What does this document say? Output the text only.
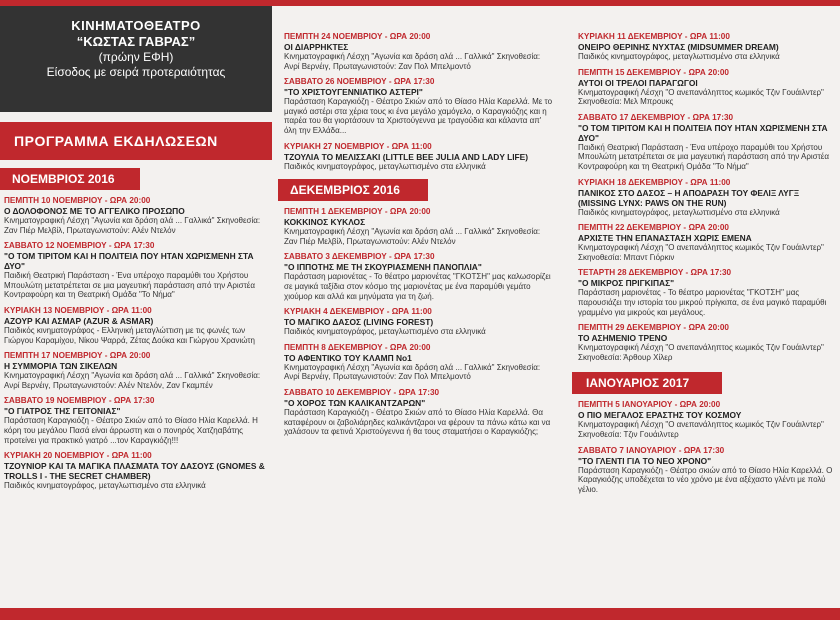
ΚΙΝΗΜΑΤΟΘΕΑΤΡΟ
“ΚΩΣΤΑΣ ΓΑΒΡΑΣ”
(πρώην ΕΦΗ)
Είσοδος με σειρά προτεραιότητας
ΠΡΟΓΡΑΜΜΑ ΕΚΔΗΛΩΣΕΩΝ
ΝΟΕΜΒΡΙΟΣ 2016
ΠΕΜΠΤΗ 10 ΝΟΕΜΒΡΙΟΥ - ΩΡΑ 20:00
Ο ΔΟΛΟΦΟΝΟΣ ΜΕ ΤΟ ΑΓΓΕΛΙΚΟ ΠΡΟΣΩΠΟ
Κινηματογραφική Λέσχη "Αγωνία και δράση αλά ... Γαλλικά" Σκηνοθεσία: Ζαν Πιέρ Μελβίλ, Πρωταγωνιστούν: Αλέν Ντελόν
ΣΑΒΒΑΤΟ 12 ΝΟΕΜΒΡΙΟΥ - ΩΡΑ 17:30
"Ο ΤΟΜ ΤΙΡΙΤΟΜ ΚΑΙ Η ΠΟΛΙΤΕΙΑ ΠΟΥ ΗΤΑΝ ΧΩΡΙΣΜΕΝΗ ΣΤΑ ΔΥΟ"
Παιδική Θεατρική Παράσταση - Ένα υπέροχο παραμύθι του Χρήστου Μπουλώτη μετατρέπεται σε μια μαγευτική παράσταση από την Αριστέα Κοντραφούρη και τη Θεατρική Ομάδα "Το Νήμα"
ΚΥΡΙΑΚΗ 13 ΝΟΕΜΒΡΙΟΥ - ΩΡΑ 11:00
ΑΖΟΥΡ ΚΑΙ ΑΣΜΑΡ (AZUR & ASMAR)
Παιδικός κινηματογράφος - Ελληνική μεταγλώττιση με τις φωνές των Γιώργου Καραμίχου, Νίκου Ψαρρά, Ζέτας Δούκα και Γιώργου Χρανιώτη
ΠΕΜΠΤΗ 17 ΝΟΕΜΒΡΙΟΥ - ΩΡΑ 20:00
Η ΣΥΜΜΟΡΙΑ ΤΩΝ ΣΙΚΕΛΩΝ
Κινηματογραφική Λέσχη "Αγωνία και δράση αλά ... Γαλλικά" Σκηνοθεσία: Ανρί Βερνέιγ, Πρωταγωνιστούν: Αλέν Ντελόν, Ζαν Γκαμπέν
ΣΑΒΒΑΤΟ 19 ΝΟΕΜΒΡΙΟΥ - ΩΡΑ 17:30
"Ο ΓΙΑΤΡΟΣ ΤΗΣ ΓΕΙΤΟΝΙΑΣ"
Παράσταση Καραγκιόζη - Θέατρο Σκιών από το Θίασο Ηλία Καρελλά. Η κόρη του μεγάλου Πασά είναι άρρωστη και ο πονηρός Χατζηαβάτης προτείνει για πρακτικό γιατρό ...τον Καραγκιόζη!!!
ΚΥΡΙΑΚΗ 20 ΝΟΕΜΒΡΙΟΥ - ΩΡΑ 11:00
ΤΖΟΥΝΙΟΡ ΚΑΙ ΤΑ ΜΑΓΙΚΑ ΠΛΑΣΜΑΤΑ ΤΟΥ ΔΑΣΟΥΣ (GNOMES & TROLLS I - THE SECRET CHAMBER)
Παιδικός κινηματογράφος, μεταγλωττισμένο στα ελληνικά
ΠΕΜΠΤΗ 24 ΝΟΕΜΒΡΙΟΥ - ΩΡΑ 20:00
ΟΙ ΔΙΑΡΡΗΚΤΕΣ
Κινηματογραφική Λέσχη "Αγωνία και δράση αλά ... Γαλλικά" Σκηνοθεσία: Ανρί Βερνέιγ, Πρωταγωνιστούν: Ζαν Πολ Μπελμοντό
ΣΑΒΒΑΤΟ 26 ΝΟΕΜΒΡΙΟΥ - ΩΡΑ 17:30
"ΤΟ ΧΡΙΣΤΟΥΓΕΝΝΙΑΤΙΚΟ ΑΣΤΕΡΙ"
Παράσταση Καραγκιόζη - Θέατρο Σκιών από το Θίασο Ηλία Καρελλά. Με το μαγικό αστέρι στα χέρια τους κι ένα μεγάλο χαμόγελο, ο Καραγκιόζης και η παρέα του θα γιορτάσουν τα Χριστούγεννα με τραγούδια και κάλαντα απ' όλη την Ελλάδα...
ΚΥΡΙΑΚΗ 27 ΝΟΕΜΒΡΙΟΥ - ΩΡΑ 11:00
ΤΖΟΥΛΙΑ ΤΟ ΜΕΛΙΣΣΑΚΙ (LITTLE BEE JULIA AND LADY LIFE)
Παιδικός κινηματογράφος, μεταγλωττισμένο στα ελληνικά
ΔΕΚΕΜΒΡΙΟΣ 2016
ΠΕΜΠΤΗ 1 ΔΕΚΕΜΒΡΙΟΥ - ΩΡΑ 20:00
ΚΟΚΚΙΝΟΣ ΚΥΚΛΟΣ
Κινηματογραφική Λέσχη "Αγωνία και δράση αλά ... Γαλλικά" Σκηνοθεσία: Ζαν Πιέρ Μελβίλ, Πρωταγωνιστούν: Αλέν Ντελόν
ΣΑΒΒΑΤΟ 3 ΔΕΚΕΜΒΡΙΟΥ - ΩΡΑ 17:30
"Ο ΙΠΠΟΤΗΣ ΜΕ ΤΗ ΣΚΟΥΡΙΑΣΜΕΝΗ ΠΑΝΟΠΛΙΑ"
Παράσταση μαριονέτας - Το θέατρο μαριονέτας "ΓΚΟΤΣΗ" μας καλωσορίζει σε μαγικά ταξίδια στον κόσμο της μαριονέτας με ένα παραμύθι γεμάτο χιούμορ και αλλά και μηνύματα για τη ζωή.
ΚΥΡΙΑΚΗ 4 ΔΕΚΕΜΒΡΙΟΥ - ΩΡΑ 11:00
ΤΟ ΜΑΓΙΚΟ ΔΑΣΟΣ (LIVING FOREST)
Παιδικός κινηματογράφος, μεταγλωττισμένο στα ελληνικά
ΠΕΜΠΤΗ 8 ΔΕΚΕΜΒΡΙΟΥ - ΩΡΑ 20:00
ΤΟ ΑΦΕΝΤΙΚΟ ΤΟΥ ΚΛΑΜΠ Νο1
Κινηματογραφική Λέσχη "Αγωνία και δράση αλά ... Γαλλικά" Σκηνοθεσία: Ανρί Βερνέιγ, Πρωταγωνιστούν: Ζαν Πολ Μπελμοντό
ΣΑΒΒΑΤΟ 10 ΔΕΚΕΜΒΡΙΟΥ - ΩΡΑ 17:30
"Ο ΧΟΡΟΣ ΤΩΝ ΚΑΛΙΚΑΝΤΖΑΡΩΝ"
Παράσταση Καραγκιόζη - Θέατρο Σκιών από το Θίασο Ηλία Καρελλά. Θα καταφέρουν οι ζαβολιάρηδες καλικάντζαροι να φέρουν τα πάνω κάτω και να χαλάσουν τα φετινά Χριστούγεννα ή θα τους σταματήσει ο Καραγκιόζης;
ΚΥΡΙΑΚΗ 11 ΔΕΚΕΜΒΡΙΟΥ - ΩΡΑ 11:00
ΟΝΕΙΡΟ ΘΕΡΙΝΗΣ ΝΥΧΤΑΣ (MIDSUMMER DREAM)
Παιδικός κινηματογράφος, μεταγλωττισμένο στα ελληνικά
ΠΕΜΠΤΗ 15 ΔΕΚΕΜΒΡΙΟΥ - ΩΡΑ 20:00
ΑΥΤΟΙ ΟΙ ΤΡΕΛΟΙ ΠΑΡΑΓΩΓΟΙ
Κινηματογραφική Λέσχη "Ο ανεπανάληπτος κωμικός Τζιν Γουάιλντερ" Σκηνοθεσία: Μελ Μπρουκς
ΣΑΒΒΑΤΟ 17 ΔΕΚΕΜΒΡΙΟΥ - ΩΡΑ 17:30
"Ο ΤΟΜ ΤΙΡΙΤΟΜ ΚΑΙ Η ΠΟΛΙΤΕΙΑ ΠΟΥ ΗΤΑΝ ΧΩΡΙΣΜΕΝΗ ΣΤΑ ΔΥΟ"
Παιδική Θεατρική Παράσταση - Ένα υπέροχο παραμύθι του Χρήστου Μπουλώτη μετατρέπεται σε μια μαγευτική παράσταση από την Αριστέα Κοντραφούρη και τη Θεατρική Ομάδα "Το Νήμα"
ΚΥΡΙΑΚΗ 18 ΔΕΚΕΜΒΡΙΟΥ - ΩΡΑ 11:00
ΠΑΝΙΚΟΣ ΣΤΟ ΔΑΣΟΣ – Η ΑΠΟΔΡΑΣΗ ΤΟΥ ΦΕΛΙΞ ΛΥΓΞ (MISSING LYNX: PAWS ON THE RUN)
Παιδικός κινηματογράφος, μεταγλωττισμένο στα ελληνικά
ΠΕΜΠΤΗ 22 ΔΕΚΕΜΒΡΙΟΥ - ΩΡΑ 20:00
ΑΡΧΙΣΤΕ ΤΗΝ ΕΠΑΝΑΣΤΑΣΗ ΧΩΡΙΣ ΕΜΕΝΑ
Κινηματογραφική Λέσχη "Ο ανεπανάληπτος κωμικός Τζιν Γουάιλντερ" Σκηνοθεσία: Μπαντ Γιόρκιν
ΤΕΤΑΡΤΗ 28 ΔΕΚΕΜΒΡΙΟΥ - ΩΡΑ 17:30
"Ο ΜΙΚΡΟΣ ΠΡΙΓΚΙΠΑΣ"
Παράσταση μαριονέτας - Το θέατρο μαριονέτας "ΓΚΟΤΣΗ" μας παρουσιάζει την ιστορία του μικρού πρίγκιπα, σε ένα μαγικό παραμύθι γραμμένο για μικρούς και μεγάλους.
ΠΕΜΠΤΗ 29 ΔΕΚΕΜΒΡΙΟΥ - ΩΡΑ 20:00
ΤΟ ΑΣΗΜΕΝΙΟ ΤΡΕΝΟ
Κινηματογραφική Λέσχη "Ο ανεπανάληπτος κωμικός Τζιν Γουάιλντερ" Σκηνοθεσία: Άρθουρ Χίλερ
ΙΑΝΟΥΑΡΙΟΣ 2017
ΠΕΜΠΤΗ 5 ΙΑΝΟΥΑΡΙΟΥ - ΩΡΑ 20:00
Ο ΠΙΟ ΜΕΓΑΛΟΣ ΕΡΑΣΤΗΣ ΤΟΥ ΚΟΣΜΟΥ
Κινηματογραφική Λέσχη "Ο ανεπανάληπτος κωμικός Τζιν Γουάιλντερ" Σκηνοθεσία: Τζιν Γουάιλντερ
ΣΑΒΒΑΤΟ 7 ΙΑΝΟΥΑΡΙΟΥ - ΩΡΑ 17:30
"ΤΟ ΓΛΕΝΤΙ ΓΙΑ ΤΟ ΝΕΟ ΧΡΟΝΟ"
Παράσταση Καραγκιόζη - Θέατρο σκιών από το Θίασο Ηλία Καρελλά. Ο Καραγκιόζης υποδέχεται το νέο χρόνο με ένα αξέχαστο γλέντι με πολύ γέλιο.
